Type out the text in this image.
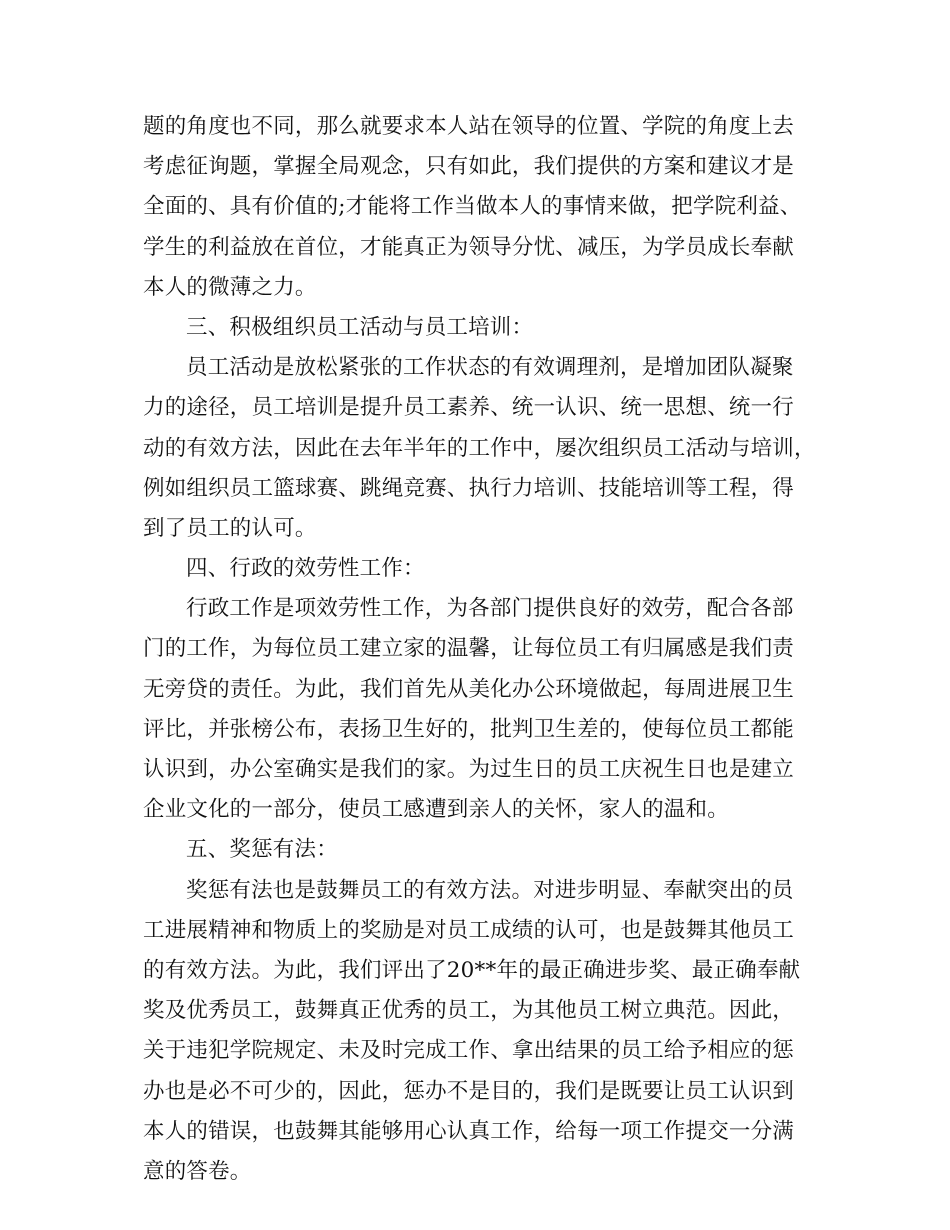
题的角度也不同，那么就要求本人站在领导的位置、学院的角度上去
考虑征询题，掌握全局观念，只有如此，我们提供的方案和建议才是
全面的、具有价值的;才能将工作当做本人的事情来做，把学院利益、
学生的利益放在首位，才能真正为领导分忧、减压，为学员成长奉献
本人的微薄之力。
三、积极组织员工活动与员工培训：
员工活动是放松紧张的工作状态的有效调理剂，是增加团队凝聚
力的途径，员工培训是提升员工素养、统一认识、统一思想、统一行
动的有效方法，因此在去年半年的工作中，屡次组织员工活动与培训，
例如组织员工篮球赛、跳绳竞赛、执行力培训、技能培训等工程，得
到了员工的认可。
四、行政的效劳性工作：
行政工作是项效劳性工作，为各部门提供良好的效劳，配合各部
门的工作，为每位员工建立家的温馨，让每位员工有归属感是我们责
无旁贷的责任。为此，我们首先从美化办公环境做起，每周进展卫生
评比，并张榜公布，表扬卫生好的，批判卫生差的，使每位员工都能
认识到，办公室确实是我们的家。为过生日的员工庆祝生日也是建立
企业文化的一部分，使员工感遭到亲人的关怀，家人的温和。
五、奖惩有法：
奖惩有法也是鼓舞员工的有效方法。对进步明显、奉献突出的员
工进展精神和物质上的奖励是对员工成绩的认可，也是鼓舞其他员工
的有效方法。为此，我们评出了20**年的最正确进步奖、最正确奉献
奖及优秀员工，鼓舞真正优秀的员工，为其他员工树立典范。因此，
关于违犯学院规定、未及时完成工作、拿出结果的员工给予相应的惩
办也是必不可少的，因此，惩办不是目的，我们是既要让员工认识到
本人的错误，也鼓舞其能够用心认真工作，给每一项工作提交一分满
意的答卷。
